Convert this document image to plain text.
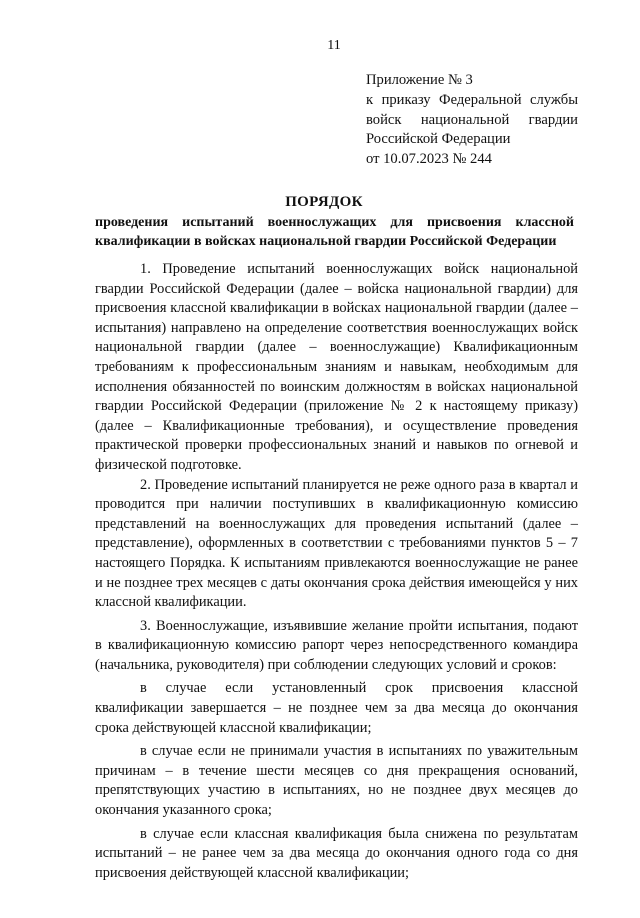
11
Приложение № 3
к приказу Федеральной службы
войск национальной гвардии
Российской Федерации
от 10.07.2023 № 244
ПОРЯДОК
проведения испытаний военнослужащих для присвоения классной
квалификации в войсках национальной гвардии Российской Федерации

1. Проведение испытаний военнослужащих войск национальной гвардии Российской Федерации (далее – войска национальной гвардии) для присвоения классной квалификации в войсках национальной гвардии (далее – испытания) направлено на определение соответствия военнослужащих войск национальной гвардии (далее – военнослужащие) Квалификационным требованиям к профессиональным знаниям и навыкам, необходимым для исполнения обязанностей по воинским должностям в войсках национальной гвардии Российской Федерации (приложение № 2 к настоящему приказу) (далее – Квалификационные требования), и осуществление проведения практической проверки профессиональных знаний и навыков по огневой и физической подготовке.

2. Проведение испытаний планируется не реже одного раза в квартал и проводится при наличии поступивших в квалификационную комиссию представлений на военнослужащих для проведения испытаний (далее – представление), оформленных в соответствии с требованиями пунктов 5 – 7 настоящего Порядка. К испытаниям привлекаются военнослужащие не ранее и не позднее трех месяцев с даты окончания срока действия имеющейся у них классной квалификации.

3. Военнослужащие, изъявившие желание пройти испытания, подают в квалификационную комиссию рапорт через непосредственного командира (начальника, руководителя) при соблюдении следующих условий и сроков:

в случае если установленный срок присвоения классной квалификации завершается – не позднее чем за два месяца до окончания срока действующей классной квалификации;

в случае если не принимали участия в испытаниях по уважительным причинам – в течение шести месяцев со дня прекращения оснований, препятствующих участию в испытаниях, но не позднее двух месяцев до окончания указанного срока;

в случае если классная квалификация была снижена по результатам испытаний – не ранее чем за два месяца до окончания одного года со дня присвоения действующей классной квалификации;
